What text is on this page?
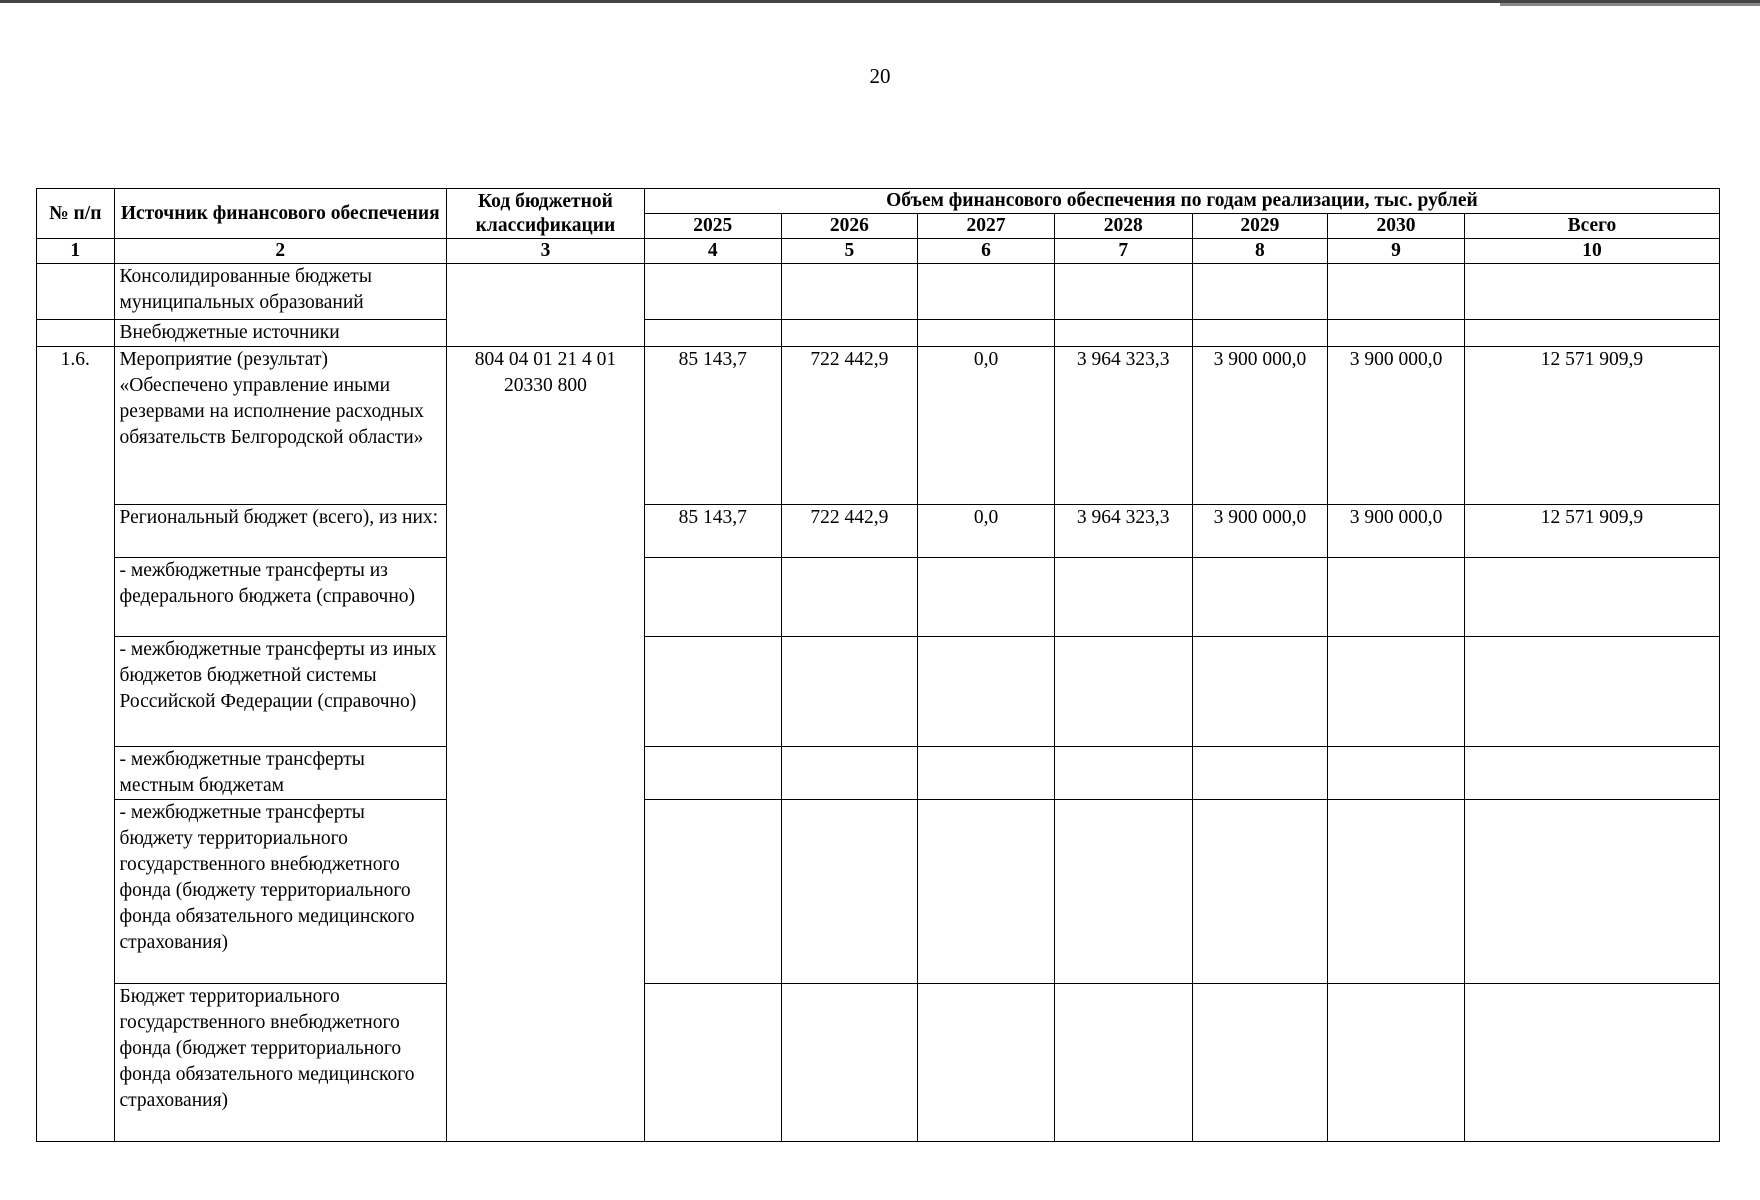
20
№ п/п	Источник финансового обеспечения	Код бюджетной классификации	Объем финансового обеспечения по годам реализации, тыс. рублей						
			2025	2026	2027	2028	2029	2030	Всего
1	2	3	4	5	6	7	8	9	10
	Консолидированные бюджеты муниципальных образований								
	Внебюджетные источники								
1.6.	Мероприятие (результат) «Обеспечено управление иными резервами на исполнение расходных обязательств Белгородской области»	804 04 01 21 4 01 20330 800	85 143,7	722 442,9	0,0	3 964 323,3	3 900 000,0	3 900 000,0	12 571 909,9
	Региональный бюджет (всего), из них:		85 143,7	722 442,9	0,0	3 964 323,3	3 900 000,0	3 900 000,0	12 571 909,9
	- межбюджетные трансферты из федерального бюджета (справочно)								
	- межбюджетные трансферты из иных бюджетов бюджетной системы Российской Федерации (справочно)								
	- межбюджетные трансферты местным бюджетам								
	- межбюджетные трансферты бюджету территориального государственного внебюджетного фонда (бюджету территориального фонда обязательного медицинского страхования)								
	Бюджет территориального государственного внебюджетного фонда (бюджет территориального фонда обязательного медицинского страхования)								
